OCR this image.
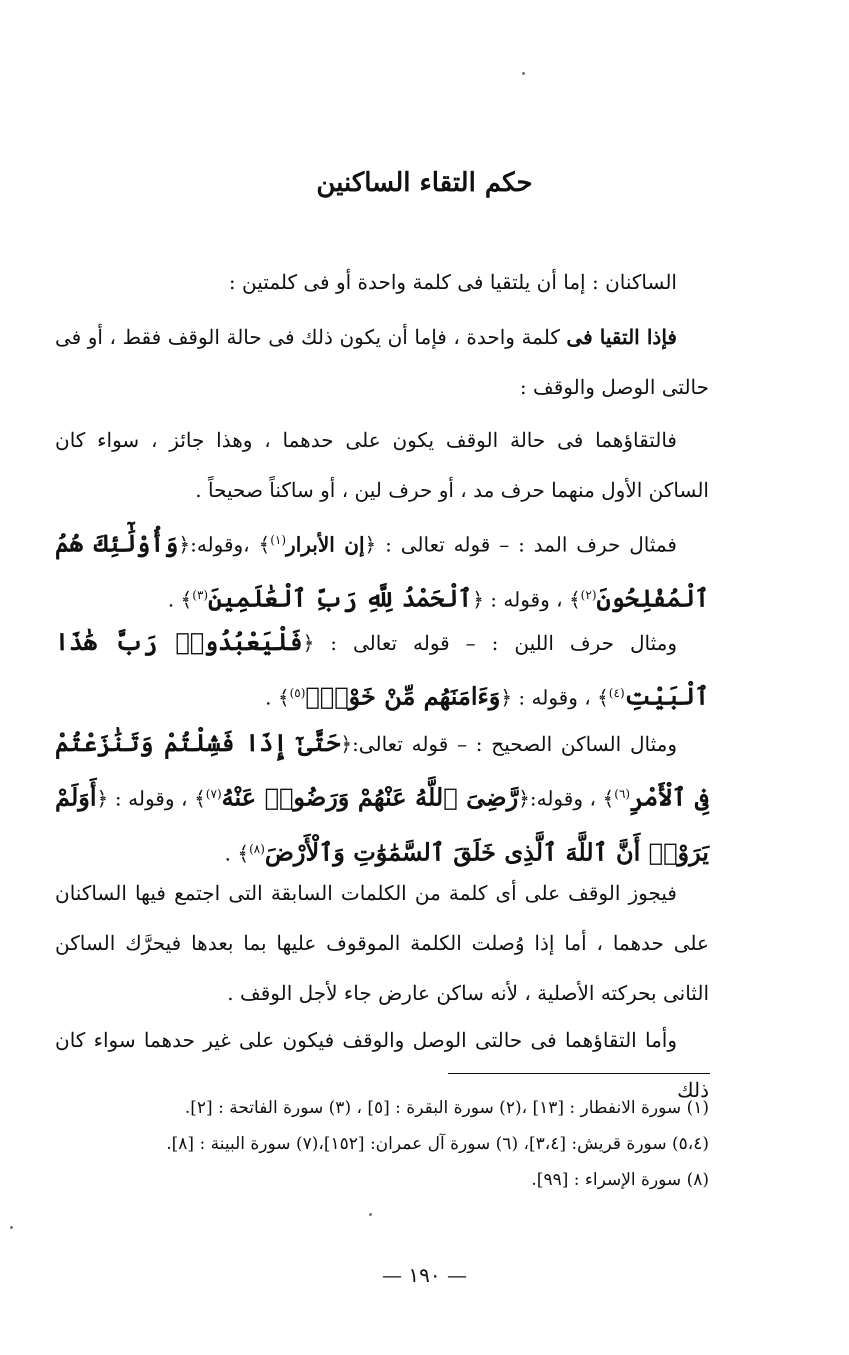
حكم التقاء الساكنين

الساكنان : إما أن يلتقيا فى كلمة واحدة أو فى كلمتين :

فإذا التقيا فى كلمة واحدة ، فإما أن يكون ذلك فى حالة الوقف فقط ، أو فى حالتى الوصل والوقف :

فالتقاؤهما فى حالة الوقف يكون على حدهما ، وهذا جائز ، سواء كان الساكن الأول منهما حرف مد ، أو حرف لين ، أو ساكناً صحيحاً .

فمثال حرف المد : – قوله تعالى : ﴿إن الأبرار$^{(١)}$﴾ ،وقوله:﴿وَأُوْلَٰٓئِكَ هُمُ ٱلْمُفْلِحُونَ$^{(٢)}$﴾ ، وقوله : ﴿ٱلْحَمْدُ لِلَّهِ رَبِّ ٱلْعَٰلَمِينَ$^{(٣)}$﴾ .

ومثال حرف اللين : – قوله تعالى : ﴿فَلْيَعْبُدُوا۟ رَبَّ هَٰذَا ٱلْبَيْتِ$^{(٤)}$﴾ ، وقوله : ﴿وَءَامَنَهُم مِّنْ خَوْفٍۭ$^{(٥)}$﴾ .

ومثال الساكن الصحيح : – قوله تعالى:﴿حَتَّىٰٓ إِذَا فَشِلْتُمْ وَتَنَٰزَعْتُمْ فِى ٱلْأَمْرِ$^{(٦)}$﴾ ، وقوله:﴿رَّضِىَ ٱللَّهُ عَنْهُمْ وَرَضُوا۟ عَنْهُ$^{(٧)}$﴾ ، وقوله : ﴿أَوَلَمْ يَرَوْا۟ أَنَّ ٱللَّهَ ٱلَّذِى خَلَقَ ٱلسَّمَٰوَٰتِ وَٱلْأَرْضَ$^{(٨)}$﴾ .

فيجوز الوقف على أى كلمة من الكلمات السابقة التى اجتمع فيها الساكنان على حدهما ، أما إذا وُصلت الكلمة الموقوف عليها بما بعدها فيحرَّك الساكن الثانى بحركته الأصلية ، لأنه ساكن عارض جاء لأجل الوقف .

وأما التقاؤهما فى حالتى الوصل والوقف فيكون على غير حدهما سواء كان ذلك

(١) سورة الانفطار : [١٣] ،(٢) سورة البقرة : [٥] ، (٣) سورة الفاتحة : [٢].
(٥،٤) سورة قريش: [٣،٤]، (٦) سورة آل عمران: [١٥٢]،(٧) سورة البينة : [٨].
(٨) سورة الإسراء : [٩٩].
— ١٩٠ —
